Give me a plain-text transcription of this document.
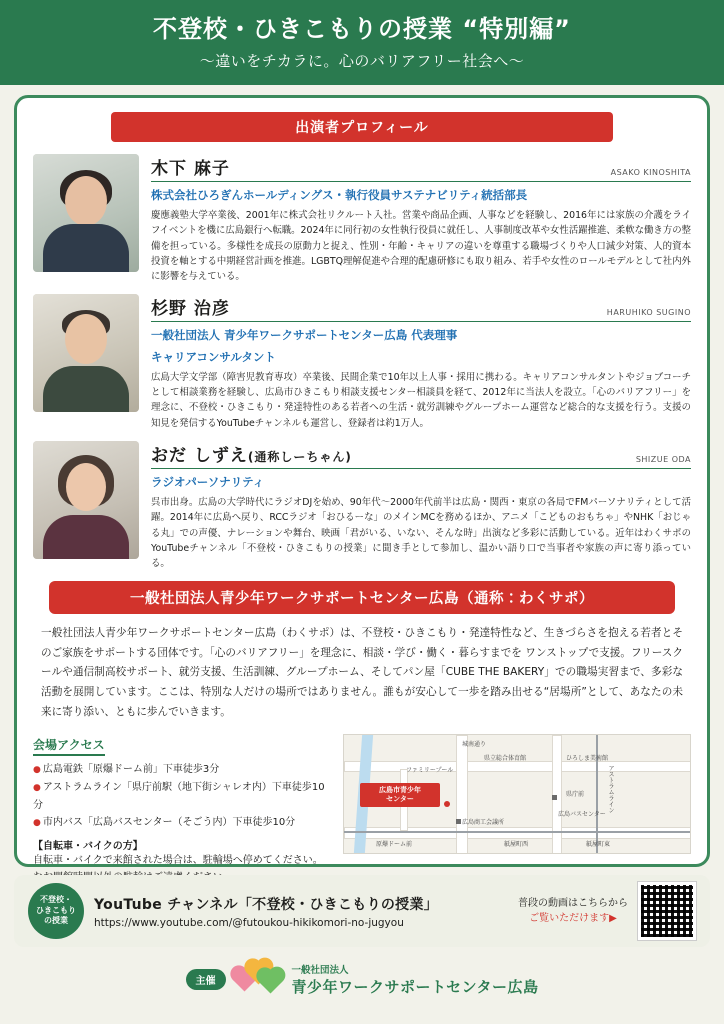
不登校・ひきこもりの授業 “特別編”
〜違いをチカラに。心のバリアフリー社会へ〜
出演者プロフィール
木下 麻子	ASAKO KINOSHITA
株式会社ひろぎんホールディングス・執行役員サステナビリティ統括部長
慶應義塾大学卒業後、2001年に株式会社リクルート入社。営業や商品企画、人事などを経験し、2016年には家族の介護をライフイベントを機に広島銀行へ転職。2024年に同行初の女性執行役員に就任し、人事制度改革や女性活躍推進、柔軟な働き方の整備を担っている。多様性を成長の原動力と捉え、性別・年齢・キャリアの違いを尊重する職場づくりや人口減少対策、人的資本投資を軸とする中期経営計画を推進。LGBTQ理解促進や合理的配慮研修にも取り組み、若手や女性のロールモデルとして社内外に影響を与えている。
杉野 治彦	HARUHIKO SUGINO
一般社団法人 青少年ワークサポートセンター広島 代表理事
キャリアコンサルタント
広島大学文学部（障害児教育専攻）卒業後、民間企業で10年以上人事・採用に携わる。キャリアコンサルタントやジョブコーチとして相談業務を経験し、広島市ひきこもり相談支援センター相談員を経て、2012年に当法人を設立。「心のバリアフリー」を理念に、不登校・ひきこもり・発達特性のある若者への生活・就労訓練やグループホーム運営など総合的な支援を行う。支援の知見を発信するYouTubeチャンネルも運営し、登録者は約1万人。
おだ しずえ(通称しーちゃん)	SHIZUE ODA
ラジオパーソナリティ
呉市出身。広島の大学時代にラジオDJを始め、90年代〜2000年代前半は広島・関西・東京の各局でFMパーソナリティとして活躍。2014年に広島へ戻り、RCCラジオ「おひるーな」のメインMCを務めるほか、アニメ「こどものおもちゃ」やNHK「おじゃる丸」での声優、ナレーションや舞台、映画「君がいる、いない、そんな時」出演など多彩に活動している。近年はわくサポのYouTubeチャンネル「不登校・ひきこもりの授業」に聞き手として参加し、温かい語り口で当事者や家族の声に寄り添っている。
一般社団法人青少年ワークサポートセンター広島（通称：わくサポ）
一般社団法人青少年ワークサポートセンター広島（わくサポ）は、不登校・ひきこもり・発達特性など、生きづらさを抱える若者とそのご家族をサポートする団体です。「心のバリアフリー」を理念に、相談・学び・働く・暮らすまでを ワンストップで支援。フリースクールや通信制高校サポート、就労支援、生活訓練、グループホーム、そしてパン屋「CUBE THE BAKERY」での職場実習まで、多彩な活動を展開しています。ここは、特別な人だけの場所ではありません。誰もが安心して一歩を踏み出せる“居場所”として、あなたの未来に寄り添い、ともに歩んでいきます。
会場アクセス
● 広島電鉄「原爆ドーム前」下車徒歩3分
● アストラムライン「県庁前駅（地下街シャレオ内）下車徒歩10分
● 市内バス「広島バスセンター（そごう内）下車徒歩10分
【自転車・バイクの方】
自転車・バイクで来館された場合は、駐輪場へ停めてください。
城南通り
県立総合体育館	ひろしま美術館
ファミリープール	アストラムライン
県庁前
広島バスセンター
広島商工会議所
原爆ドーム前	紙屋町西	紙屋町東
広島市青少年
センター
不登校・
ひきこもり
の授業
YouTube チャンネル「不登校・ひきこもりの授業」
https://www.youtube.com/@futoukou-hikikomori-no-jugyou
普段の動画はこちらから
ご覧いただけます▶
主催
一般社団法人
青少年ワークサポートセンター広島
